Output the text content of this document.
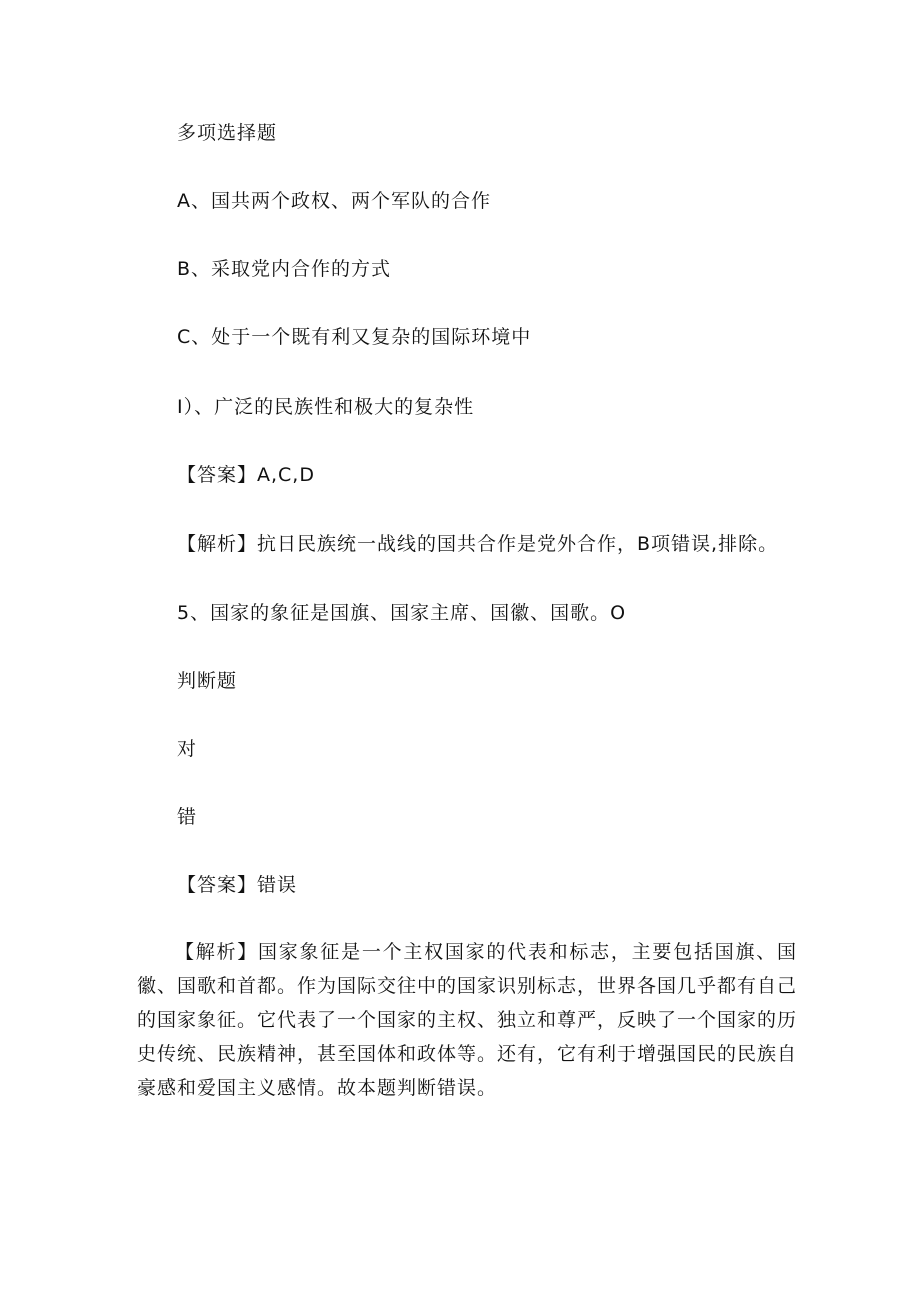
多项选择题
A、国共两个政权、两个军队的合作
B、采取党内合作的方式
C、处于一个既有利又复杂的国际环境中
I）、广泛的民族性和极大的复杂性
【答案】A,C,D
【解析】抗日民族统一战线的国共合作是党外合作，B项错误,排除。
5、国家的象征是国旗、国家主席、国徽、国歌。O
判断题
对
错
【答案】错误
【解析】国家象征是一个主权国家的代表和标志，主要包括国旗、国徽、国歌和首都。作为国际交往中的国家识别标志，世界各国几乎都有自己的国家象征。它代表了一个国家的主权、独立和尊严，反映了一个国家的历史传统、民族精神，甚至国体和政体等。还有，它有利于增强国民的民族自豪感和爱国主义感情。故本题判断错误。
